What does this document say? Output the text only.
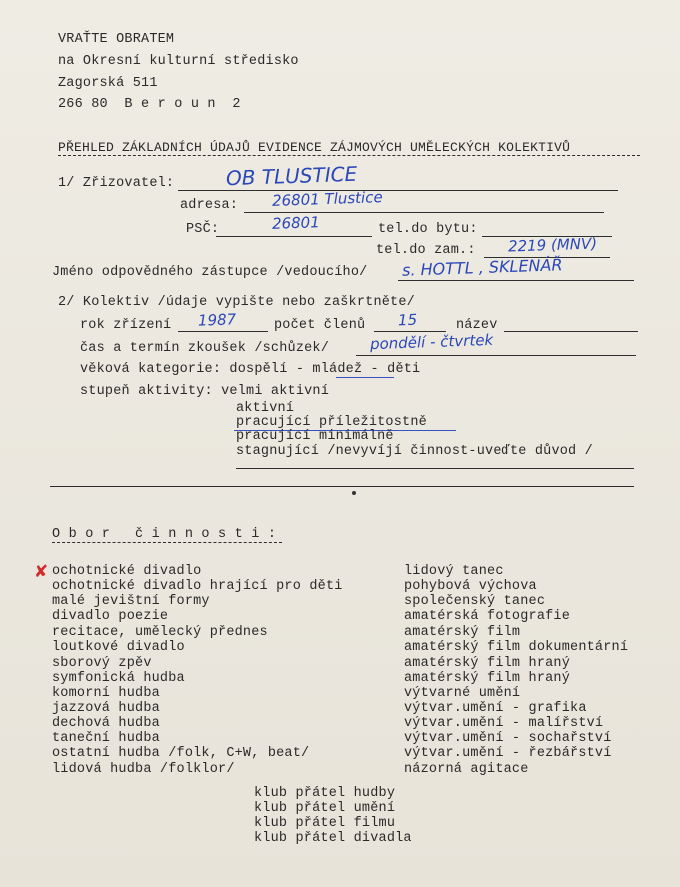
VRAŤTE OBRATEM
na Okresní kulturní středisko
Zagorská 511
266 80  B e r o u n  2
PŘEHLED ZÁKLADNÍCH ÚDAJŮ EVIDENCE ZÁJMOVÝCH UMĚLECKÝCH KOLEKTIVŮ
1/ Zřizovatel:	OB TLUSTICE
adresa: 26801 Tlustice
PSČ:	26801	tel.do bytu:
tel.do zam.: 2219 (MNV)
Jméno odpovědného zástupce /vedoucího/ s. HOTTL , SKLENÁŘ
2/ Kolektiv /údaje vypište nebo zaškrtněte/
rok zřízení 1987	počet členů 15	název
čas a termín zkoušek /schůzek/	pondělí - čtvrtek
věková kategorie: dospělí - mládež - děti
stupeň aktivity: velmi aktivní
aktivní
pracující příležitostně
pracující minimálně
stagnující /nevyvíjí činnost-uveďte důvod /
O b o r   č i n n o s t i :
✘ ochotnické divadlo
ochotnické divadlo hrající pro děti
malé jevištní formy
divadlo poezie
recitace, umělecký přednes
loutkové divadlo
sborový zpěv
symfonická hudba
komorní hudba
jazzová hudba
dechová hudba
taneční hudba
ostatní hudba /folk, C+W, beat/
lidová hudba /folklor/
lidový tanec
pohybová výchova
společenský tanec
amatérská fotografie
amatérský film
amatérský film dokumentární
amatérský film hraný
amatérský film hraný
výtvarné umění
výtvar.umění - grafika
výtvar.umění - malířství
výtvar.umění - sochařství
výtvar.umění - řezbářství
názorná agitace
klub přátel hudby
klub přátel umění
klub přátel filmu
klub přátel divadla
